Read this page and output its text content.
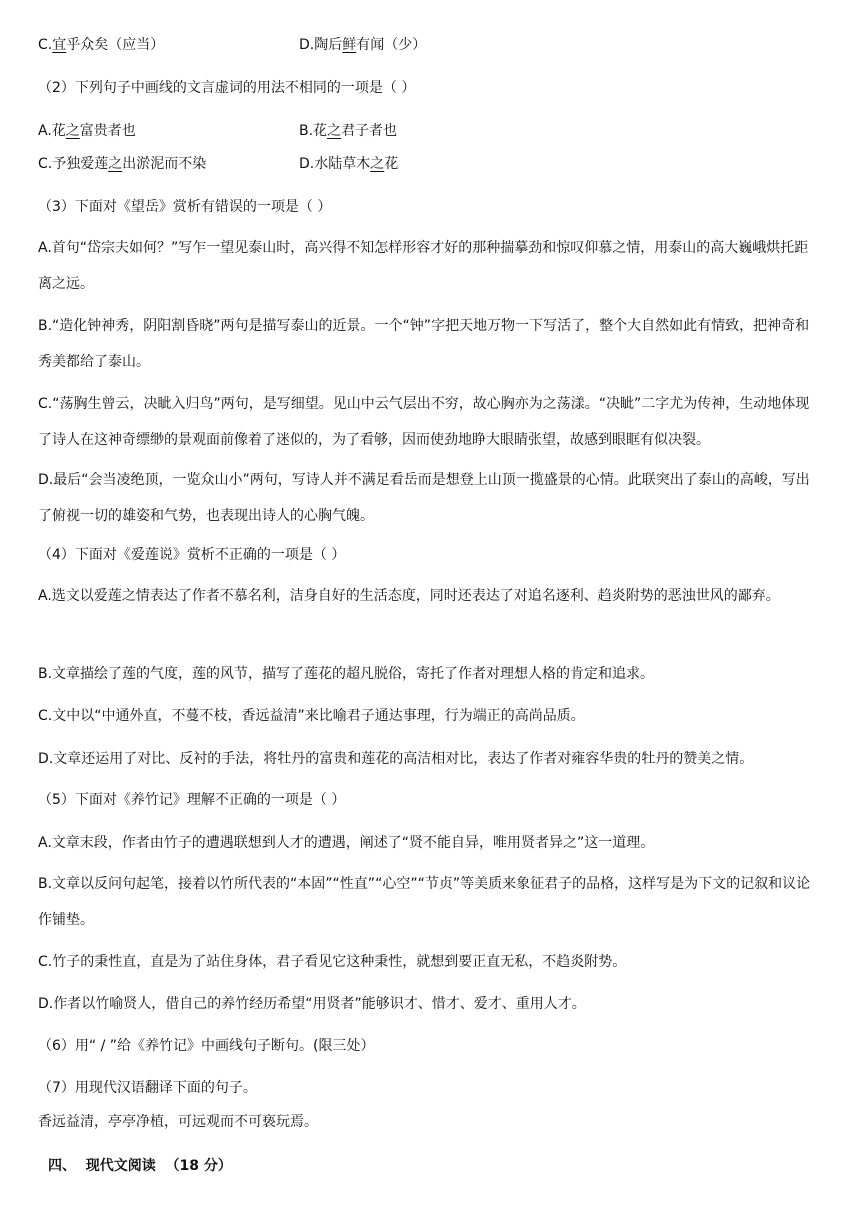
C.宜乎众矣（应当）	D.陶后鲜有闻（少）
（2）下列句子中画线的文言虚词的用法不相同的一项是（ ）
A.花之富贵者也	B.花之君子者也
C.予独爱莲之出淤泥而不染	D.水陆草木之花
（3）下面对《望岳》赏析有错误的一项是（ ）
A.首句“岱宗夫如何？”写乍一望见泰山时，高兴得不知怎样形容才好的那种揣摹劲和惊叹仰慕之情，用泰山的高大巍峨烘托距离之远。
B.“造化钟神秀，阴阳割昏晓”两句是描写泰山的近景。一个“钟”字把天地万物一下写活了，整个大自然如此有情致，把神奇和秀美都给了泰山。
C.“荡胸生曾云，决眦入归鸟”两句，是写细望。见山中云气层出不穷，故心胸亦为之荡漾。“决眦”二字尤为传神，生动地体现了诗人在这神奇缥缈的景观面前像着了迷似的，为了看够，因而使劲地睁大眼睛张望，故感到眼眶有似决裂。
D.最后“会当凌绝顶，一览众山小”两句，写诗人并不满足看岳而是想登上山顶一揽盛景的心情。此联突出了泰山的高峻，写出了俯视一切的雄姿和气势，也表现出诗人的心胸气魄。
（4）下面对《爱莲说》赏析不正确的一项是（ ）
A.选文以爱莲之情表达了作者不慕名利，洁身自好的生活态度，同时还表达了对追名逐利、趋炎附势的恶浊世风的鄙弃。
B.文章描绘了莲的气度，莲的风节，描写了莲花的超凡脱俗，寄托了作者对理想人格的肯定和追求。
C.文中以“中通外直，不蔓不枝，香远益清”来比喻君子通达事理，行为端正的高尚品质。
D.文章还运用了对比、反衬的手法，将牡丹的富贵和莲花的高洁相对比，表达了作者对雍容华贵的牡丹的赞美之情。
（5）下面对《养竹记》理解不正确的一项是（ ）
A.文章末段，作者由竹子的遭遇联想到人才的遭遇，阐述了“贤不能自异，唯用贤者异之”这一道理。
B.文章以反问句起笔，接着以竹所代表的“本固”“性直”“心空”“节贞”等美质来象征君子的品格，这样写是为下文的记叙和议论作铺垫。
C.竹子的秉性直，直是为了站住身体，君子看见它这种秉性，就想到要正直无私，不趋炎附势。
D.作者以竹喻贤人，借自己的养竹经历希望“用贤者”能够识才、惜才、爱才、重用人才。
（6）用“ / ”给《养竹记》中画线句子断句。(限三处）
（7）用现代汉语翻译下面的句子。
香远益清，亭亭净植，可远观而不可亵玩焉。
四、 现代文阅读 （18 分）
